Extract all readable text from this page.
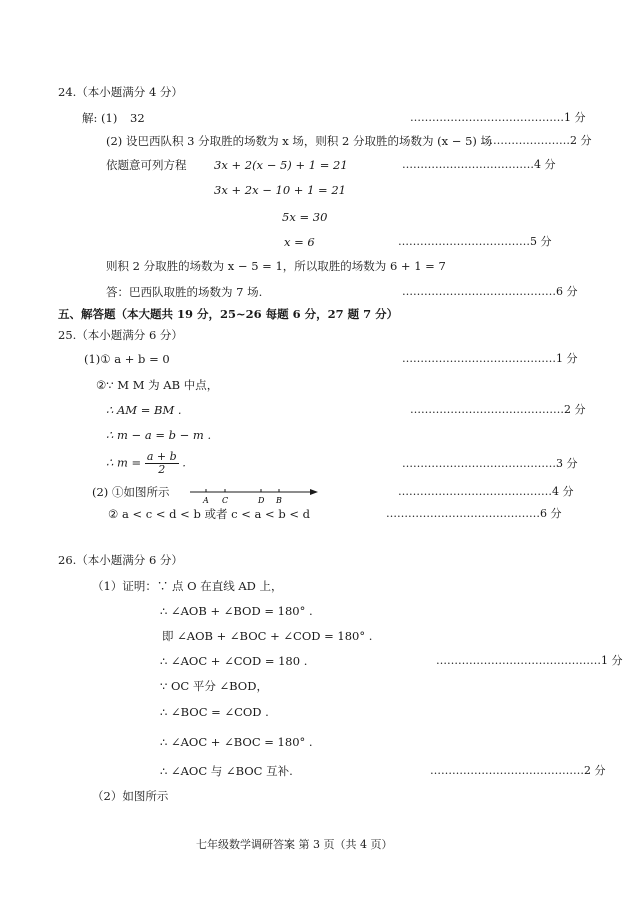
24.（本小题满分 4 分）
解: (1) 32	……………………………………1 分
(2) 设巴西队积 3 分取胜的场数为 x 场，则积 2 分取胜的场数为 (x − 5) 场
……………………2 分
依题意可列方程 3x + 2(x − 5) + 1 = 21	………………………………4 分
3x + 2x − 10 + 1 = 21
5x = 30
x = 6	………………………………5 分
则积 2 分取胜的场数为 x − 5 = 1，所以取胜的场数为 6 + 1 = 7
答：巴西队取胜的场数为 7 场.	……………………………………6 分
五、解答题（本大题共 19 分，25~26 每题 6 分，27 题 7 分）
25.（本小题满分 6 分）
(1)① a + b = 0	……………………………………1 分
②∵ M M 为 AB 中点，
∴ AM = BM .	……………………………………2 分
∴ m − a = b − m .
∴ $m = \frac{a + b}{2}$ .	……………………………………3 分
(2) ①如图所示
A C	D B
……………………………………4 分
② a < c < d < b 或者 c < a < b < d	……………………………………6 分
26.（本小题满分 6 分）
（1）证明：∵ 点 O 在直线 AD 上，
∴ ∠AOB + ∠BOD = 180° .
即 ∠AOB + ∠BOC + ∠COD = 180° .
∴ ∠AOC + ∠COD = 180 .	………………………………………1 分
∵ OC 平分 ∠BOD，
∴ ∠BOC = ∠COD .
∴ ∠AOC + ∠BOC = 180° .
∴ ∠AOC 与 ∠BOC 互补.	……………………………………2 分
（2）如图所示
七年级数学调研答案 第 3 页（共 4 页）
